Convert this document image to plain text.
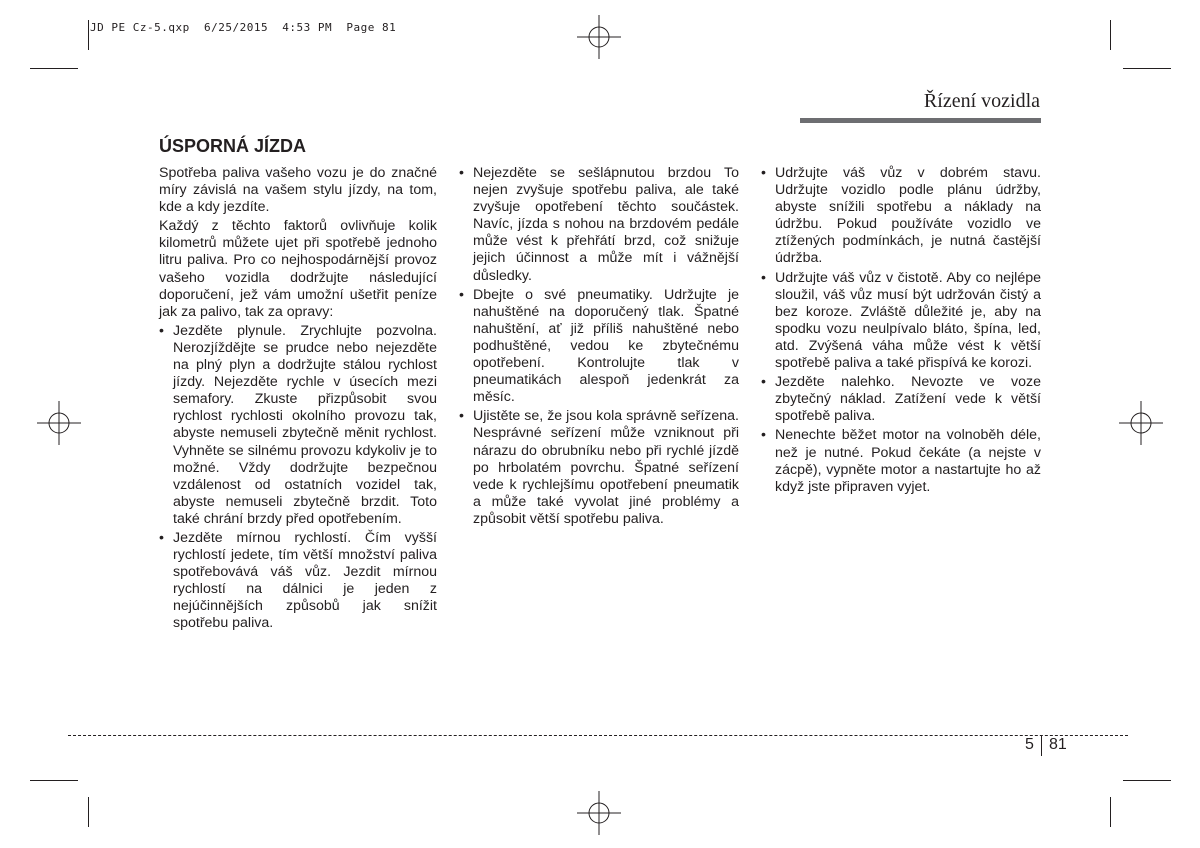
JD PE Cz-5.qxp  6/25/2015  4:53 PM  Page 81
Řízení vozidla
ÚSPORNÁ JÍZDA

Spotřeba paliva vašeho vozu je do značné míry závislá na vašem stylu jízdy, na tom, kde a kdy jezdíte.

Každý z těchto faktorů ovlivňuje kolik kilometrů můžete ujet při spotřebě jednoho litru paliva. Pro co nejhospodárnější provoz vašeho vozidla dodržujte následující doporučení, jež vám umožní ušetřit peníze jak za palivo, tak za opravy:

• Jezděte plynule. Zrychlujte pozvolna. Nerozjíždějte se prudce nebo nejezděte na plný plyn a dodržujte stálou rychlost jízdy. Nejezděte rychle v úsecích mezi semafory. Zkuste přizpůsobit svou rychlost rychlosti okolního provozu tak, abyste nemuseli zbytečně měnit rychlost. Vyhněte se silnému provozu kdykoliv je to možné. Vždy dodržujte bezpečnou vzdálenost od ostatních vozidel tak, abyste nemuseli zbytečně brzdit. Toto také chrání brzdy před opotřebením.
• Jezděte mírnou rychlostí. Čím vyšší rychlostí jedete, tím větší množství paliva spotřebovává váš vůz. Jezdit mírnou rychlostí na dálnici je jeden z nejúčinnějších způsobů jak snížit spotřebu paliva.
• Nejezděte se sešlápnutou brzdou To nejen zvyšuje spotřebu paliva, ale také zvyšuje opotřebení těchto součástek. Navíc, jízda s nohou na brzdovém pedále může vést k přehřátí brzd, což snižuje jejich účinnost a může mít i vážnější důsledky.
• Dbejte o své pneumatiky. Udržujte je nahuštěné na doporučený tlak. Špatné nahuštění, ať již příliš nahuštěné nebo podhuštěné, vedou ke zbytečnému opotřebení. Kontrolujte tlak v pneumatikách alespoň jedenkrát za měsíc.
• Ujistěte se, že jsou kola správně seřízena. Nesprávné seřízení může vzniknout při nárazu do obrubníku nebo při rychlé jízdě po hrbolatém povrchu. Špatné seřízení vede k rychlejšímu opotřebení pneumatik a může také vyvolat jiné problémy a způsobit větší spotřebu paliva.
• Udržujte váš vůz v dobrém stavu. Udržujte vozidlo podle plánu údržby, abyste snížili spotřebu a náklady na údržbu. Pokud používáte vozidlo ve ztížených podmínkách, je nutná častější údržba.
• Udržujte váš vůz v čistotě. Aby co nejlépe sloužil, váš vůz musí být udržován čistý a bez koroze. Zvláště důležité je, aby na spodku vozu neulpívalo bláto, špína, led, atd. Zvýšená váha může vést k větší spotřebě paliva a také přispívá ke korozi.
• Jezděte nalehko. Nevozte ve voze zbytečný náklad. Zatížení vede k větší spotřebě paliva.
• Nenechte běžet motor na volnoběh déle, než je nutné. Pokud čekáte (a nejste v zácpě), vypněte motor a nastartujte ho až když jste připraven vyjet.
5 81
